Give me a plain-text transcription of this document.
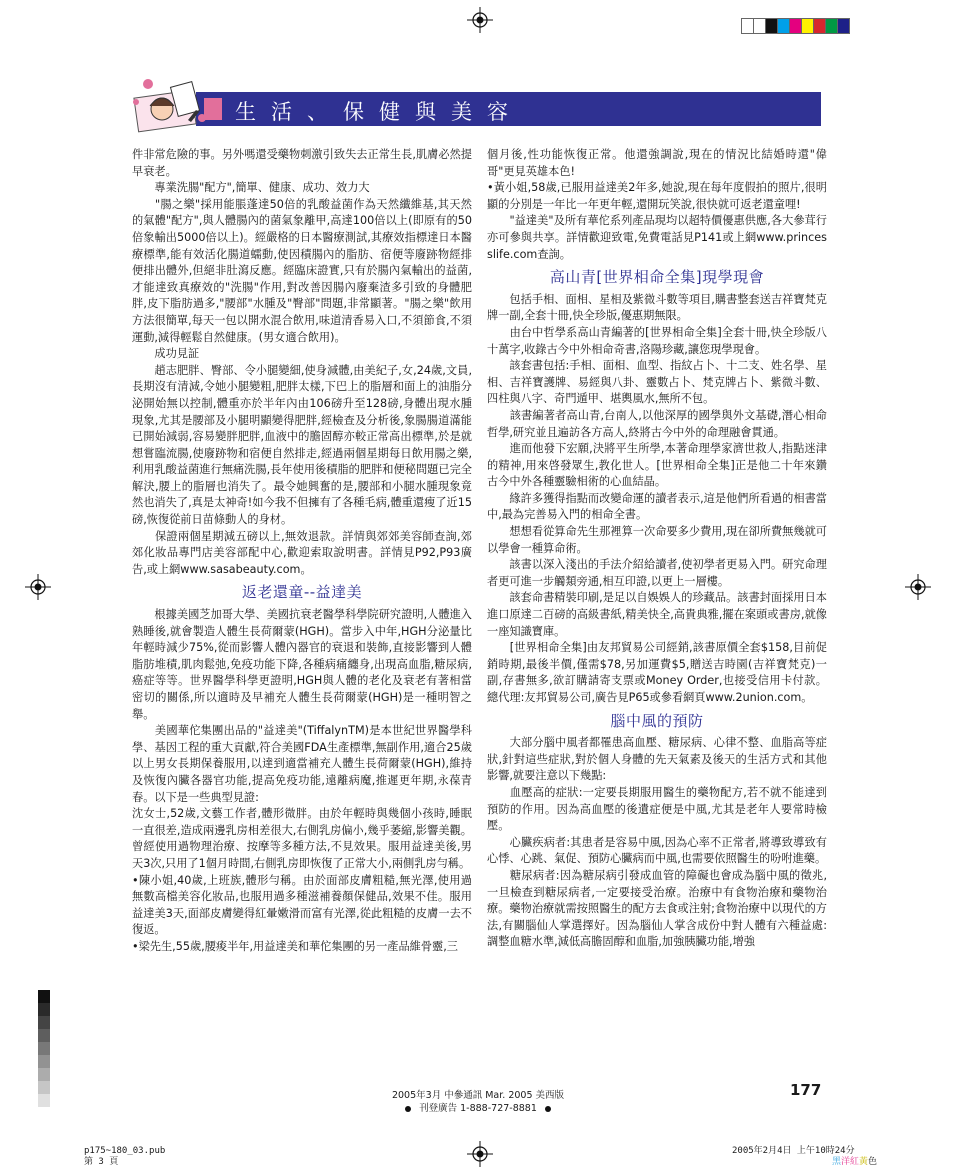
生活、保健與美容

件非常危險的事。另外嗎還受藥物刺激引致失去正常生長,肌膚必然提早衰老。

　　專業洗腸"配方",簡單、健康、成功、效力大

　　"腸之樂"採用能脹蓬達50倍的乳酸益菌作為天然纖維基,其天然的氣體"配方",與人體腸內的菌氣象離甲,高達100倍以上(即原有的50倍象輸出5000倍以上)。經嚴格的日本醫療測試,其療效指標達日本醫療標準,能有效活化腸道蠕動,使因積腸內的脂肪、宿便等廢跡物經排便排出體外,但絕非肚瀉反應。經臨床證實,只有於腸內氣輸出的益菌,才能達致真療效的"洗腸"作用,對改善因腸內廢棄渣多引致的身體肥胖,皮下脂肪過多,"腰部"水腫及"臀部"問題,非常顯著。"腸之樂"飲用方法很簡單,每天一包以開水混合飲用,味道清香易入口,不須節食,不須運動,減得輕鬆自然健康。(男女適合飲用)。

　　成功見証

　　趙志肥胖、臀部、令小腿變細,使身減體,由美紀子,女,24歲,文員,長期沒有清減,令她小腿變粗,肥胖太樣,下巴上的脂層和面上的油脂分泌開始無以控制,體重亦於半年內由106磅升至128磅,身體出現水腫現象,尤其是腰部及小腿明顯變得肥胖,經檢查及分析後,象腸腸道滿能已開始減弱,容易變胖肥胖,血液中的膽固醇亦較正常高出標準,於是就想嘗臨流腸,使廢跡物和宿便自然排走,經過兩個星期每日飲用腸之樂,利用乳酸益菌進行無痛洗腸,長年使用後積脂的肥胖和便秘問題已完全解決,腰上的脂層也消失了。最令她興奮的是,腰部和小腿水腫現象竟然也消失了,真是太神奇!如今我不但擁有了各種毛病,體重還瘦了近15磅,恢復從前日苗條動人的身材。

　　保證兩個星期減五磅以上,無效退款。詳情與郊郊美容師查詢,郊郊化妝品專門店美容部配中心,歡迎索取說明書。詳情見P92,P93廣告,或上網www.sasabeauty.com。

返老還童--益達美

　　根據美國芝加哥大學、美國抗衰老醫學科學院研究證明,人體進入熟睡後,就會製造人體生長荷爾蒙(HGH)。當步入中年,HGH分泌量比年輕時減少75%,從而影響人體內器官的衰退和裝飾,直接影響到人體脂肪堆積,肌肉鬆弛,免疫功能下降,各種病痛纏身,出現高血脂,糖尿病,癌症等等。世界醫學科學更證明,HGH與人體的老化及衰老有著相當密切的關係,所以適時及早補充人體生長荷爾蒙(HGH)是一種明智之舉。

　　美國華佗集團出品的"益達美"(TiffalynTM)是本世紀世界醫學科學、基因工程的重大貢獻,符合美國FDA生產標準,無副作用,適合25歲以上男女長期保養服用,以達到適當補充人體生長荷爾蒙(HGH),維持及恢復內臟各器官功能,提高免疫功能,遠離病魔,推遲更年期,永葆青春。以下是一些典型見證:

沈女士,52歲,文藝工作者,體形微胖。由於年輕時與幾個小孩時,睡眠一直很差,造成兩邊乳房相差很大,右側乳房偏小,幾乎萎縮,影響美觀。曾經使用過物理治療、按摩等多種方法,不見效果。服用益達美後,男天3次,只用了1個月時間,右側乳房即恢復了正常大小,兩側乳房勻稱。

•陳小姐,40歲,上班族,體形勻稱。由於面部皮膚粗糙,無光澤,使用過無數高檔美容化妝品,也服用過多種滋補養顏保健品,效果不佳。服用益達美3天,面部皮膚變得紅暈嫩滑而富有光澤,從此粗糙的皮膚一去不復返。

•梁先生,55歲,腰痠半年,用益達美和華佗集團的另一產品維骨靈,三

個月後,性功能恢復正常。他還強調說,現在的情況比結婚時還"偉哥"更見英雄本色!

•黃小姐,58歲,已服用益達美2年多,她說,現在每年度假拍的照片,很明顯的分別是一年比一年更年輕,還開玩笑說,很快就可返老還童哩!

　　"益達美"及所有華佗系列產品現均以超特價優惠供應,各大參茸行亦可參與共享。詳情歡迎致電,免費電話見P141或上網www.princesslife.com查詢。

高山青[世界相命全集]現學現會

　　包括手相、面相、星相及紫微斗數等項目,購書整套送吉祥寶梵克牌一副,全套十冊,快全珍版,優惠期無限。

　　由台中哲學系高山青編著的[世界相命全集]全套十冊,快全珍版八十萬字,收錄古今中外相命奇書,洛陽珍藏,讓您現學現會。

　　該套書包括:手相、面相、血型、指紋占卜、十二支、姓名學、星相、吉祥寶護牌、易經與八卦、靈數占卜、梵克牌占卜、紫微斗數、四柱與八字、奇門遁甲、堪輿風水,無所不包。

　　該書編著者高山青,台南人,以他深厚的國學與外文基礎,潛心相命哲學,研究並且遍訪各方高人,終將古今中外的命理融會貫通。

　　進而他發下宏願,決將平生所學,本著命理學家濟世救人,指點迷津的精神,用來啓發眾生,教化世人。[世界相命全集]正是他二十年來鑽古今中外各種靈驗相術的心血結晶。

　　緣許多獲得指點而改變命運的讀者表示,這是他們所看過的相書當中,最為完善易入門的相命全書。

　　想想看從算命先生那裡算一次命要多少費用,現在卻所費無幾就可以學會一種算命術。

　　該書以深入淺出的手法介紹給讀者,使初學者更易入門。研究命理者更可進一步觸類旁通,相互印證,以更上一層樓。

　　該套命書精裝印刷,是足以自娛娛人的珍藏品。該書封面採用日本進口原達二百磅的高級書紙,精美快全,高貴典雅,擺在案頭或書房,就像一座知識寶庫。

　　[世界相命全集]由友邦貿易公司經銷,該書原價全套$158,目前促銷時期,最後半價,僅需$78,另加運費$5,贈送吉時園(吉祥寶梵克)一副,存書無多,欲訂購請寄支票或Money Order,也接受信用卡付款。總代理:友邦貿易公司,廣告見P65或參看網頁www.2union.com。

腦中風的預防

　　大部分腦中風者都罹患高血壓、糖尿病、心律不整、血脂高等症狀,針對這些症狀,對於個人身體的先天氣素及後天的生活方式和其他影響,就要注意以下幾點:

　　血壓高的症狀:一定要長期服用醫生的藥物配方,若不就不能達到預防的作用。因為高血壓的後遺症便是中風,尤其是老年人要常時檢壓。

　　心臟疾病者:其患者是容易中風,因為心率不正常者,將導致導致有心悸、心跳、氣促、預防心臟病而中風,也需要依照醫生的吩咐進藥。

　　糖尿病者:因為糖尿病引發成血管的障礙也會成為腦中風的徵兆,一旦檢查到糖尿病者,一定要接受治療。治療中有食物治療和藥物治療。藥物治療就需按照醫生的配方去食或注射;食物治療中以現代的方法,有關腦仙人掌選擇好。因為腦仙人掌含成份中對人體有六種益處:調整血糖水準,減低高膽固醇和血脂,加強胰臟功能,增強

2005年3月 中參通訊 Mar. 2005 美西版
刊登廣告 1-888-727-8881
177
p175~180_03.pub
第 3 頁
2005年2月4日 上午10時24分
黑洋紅黃色
